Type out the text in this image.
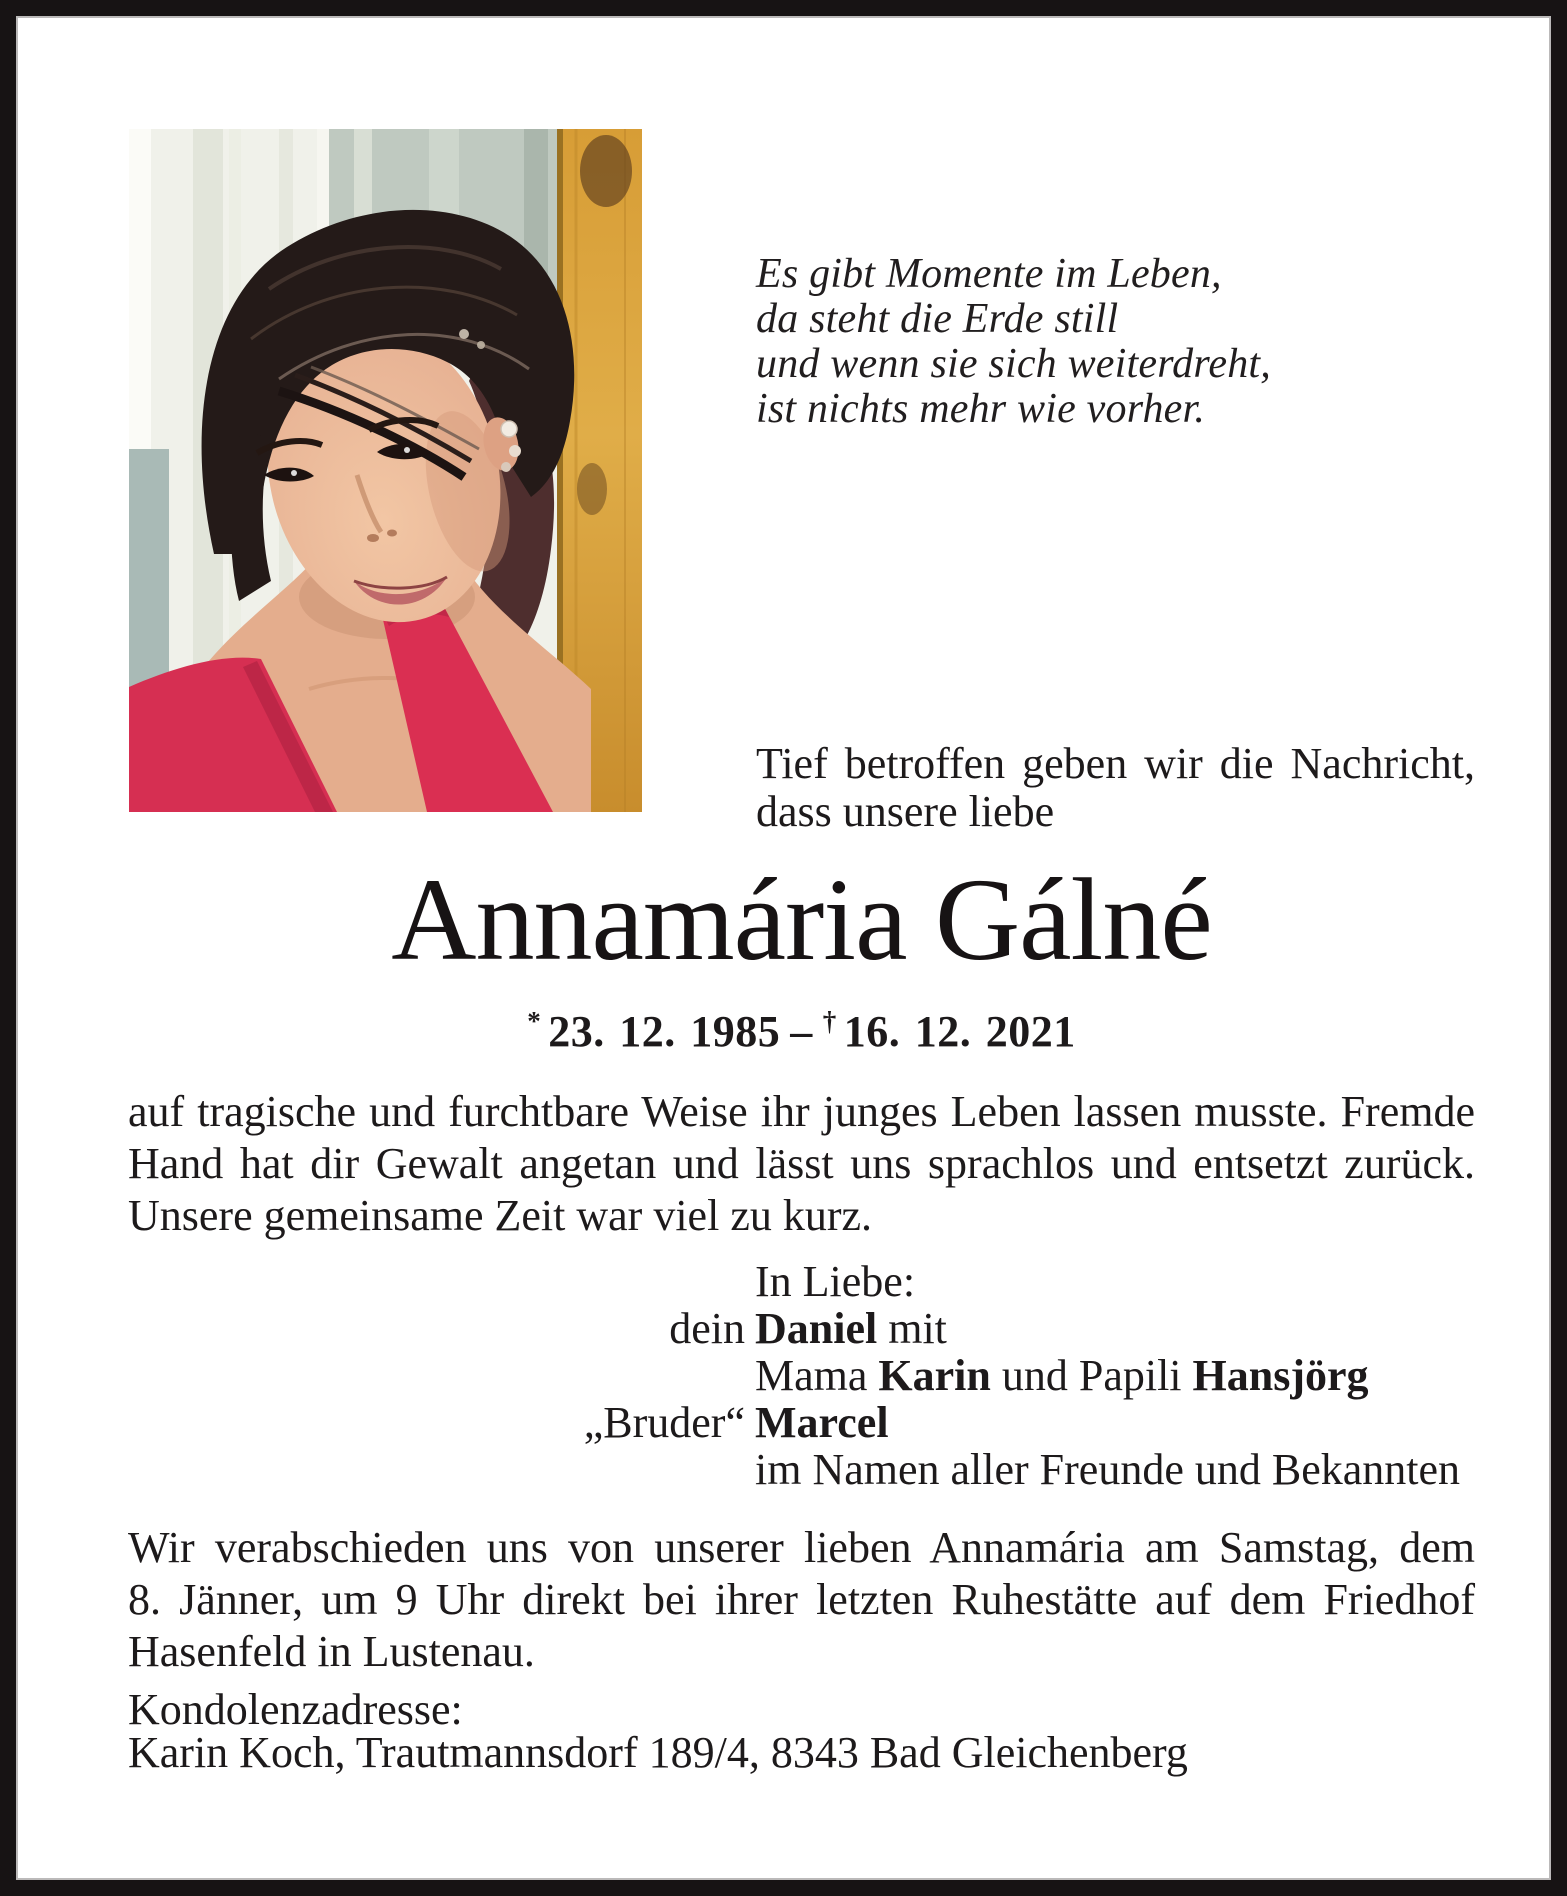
Es gibt Momente im Leben,
da steht die Erde still
und wenn sie sich weiterdreht,
ist nichts mehr wie vorher.
Tief betroffen geben wir die Nachricht,
dass unsere liebe
Annamária Gálné
* 23. 12. 1985 – † 16. 12. 2021
auf tragische und furchtbare Weise ihr junges Leben lassen musste. Fremde
Hand hat dir Gewalt angetan und lässt uns sprachlos und entsetzt zurück.
Unsere gemeinsame Zeit war viel zu kurz.
In Liebe:
dein Daniel mit
Mama Karin und Papili Hansjörg
„Bruder“ Marcel
im Namen aller Freunde und Bekannten
Wir verabschieden uns von unserer lieben Annamária am Samstag, dem
8. Jänner, um 9 Uhr direkt bei ihrer letzten Ruhestätte auf dem Friedhof
Hasenfeld in Lustenau.
Kondolenzadresse:
Karin Koch, Trautmannsdorf 189/4, 8343 Bad Gleichenberg
